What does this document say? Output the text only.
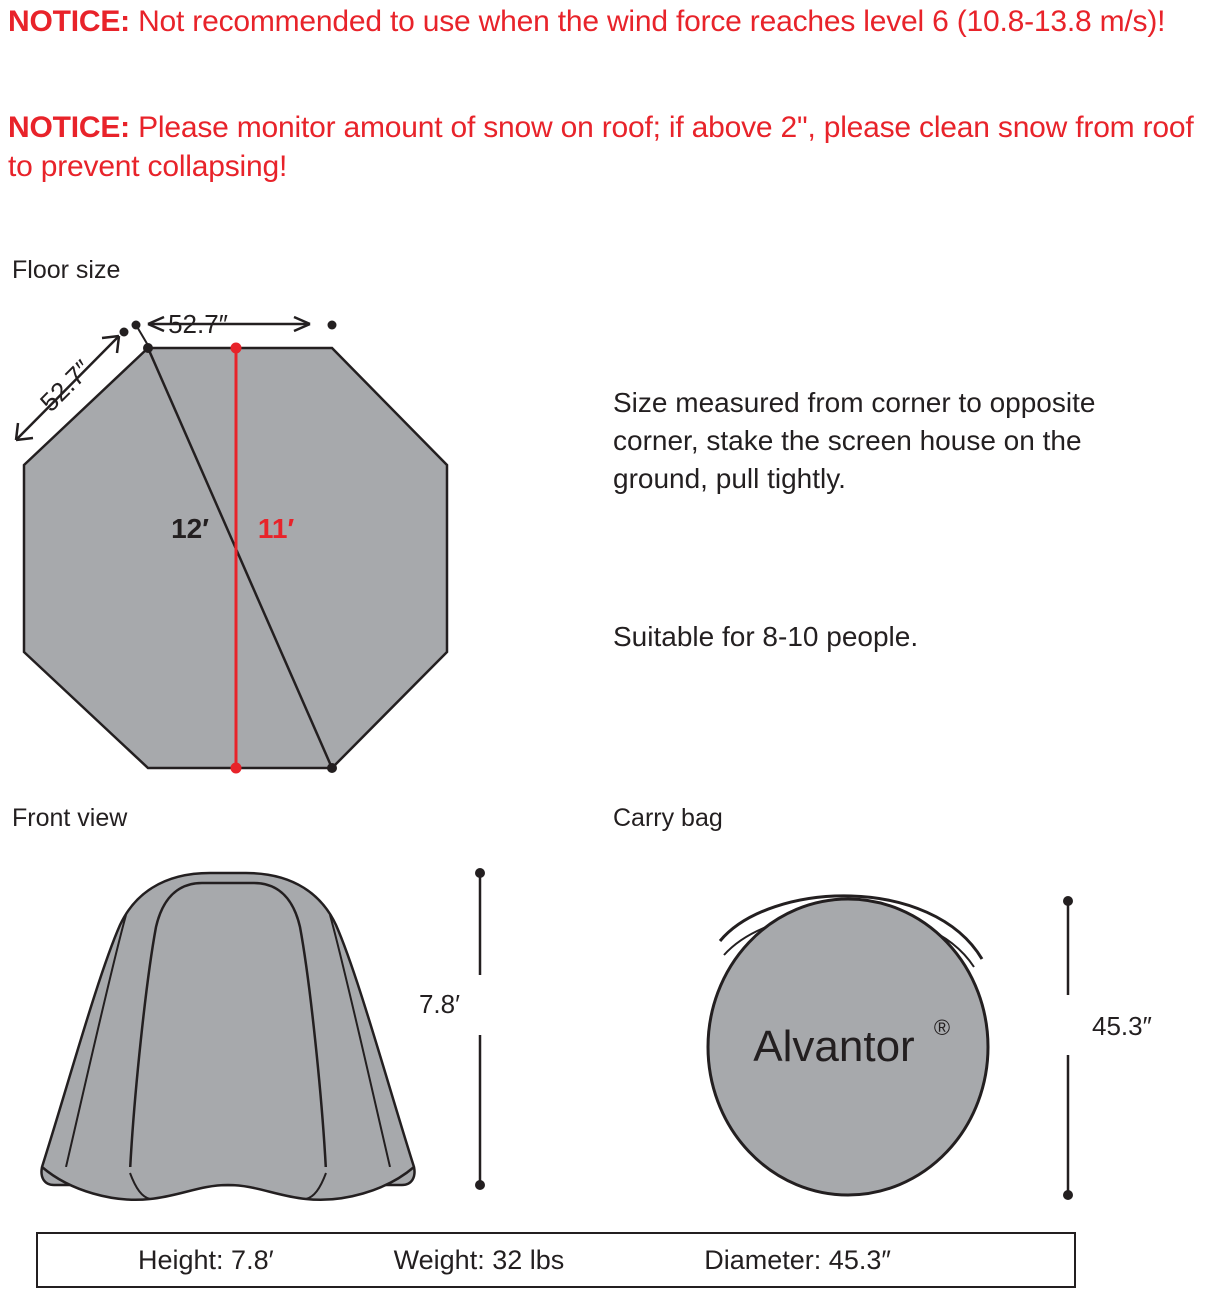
NOTICE: Not recommended to use when the wind force reaches level 6 (10.8-13.8 m/s)!
NOTICE: Please monitor amount of snow on roof; if above 2", please clean snow from roof to prevent collapsing!
Floor size
Front view	Carry bag
Size measured from corner to opposite corner, stake the screen house on the ground, pull tightly.
Suitable for 8-10 people.
52.7″
52.7″
12′ 11′
7.8′
Alvantor ®	45.3″
Height: 7.8′	Weight: 32 lbs	Diameter: 45.3″
